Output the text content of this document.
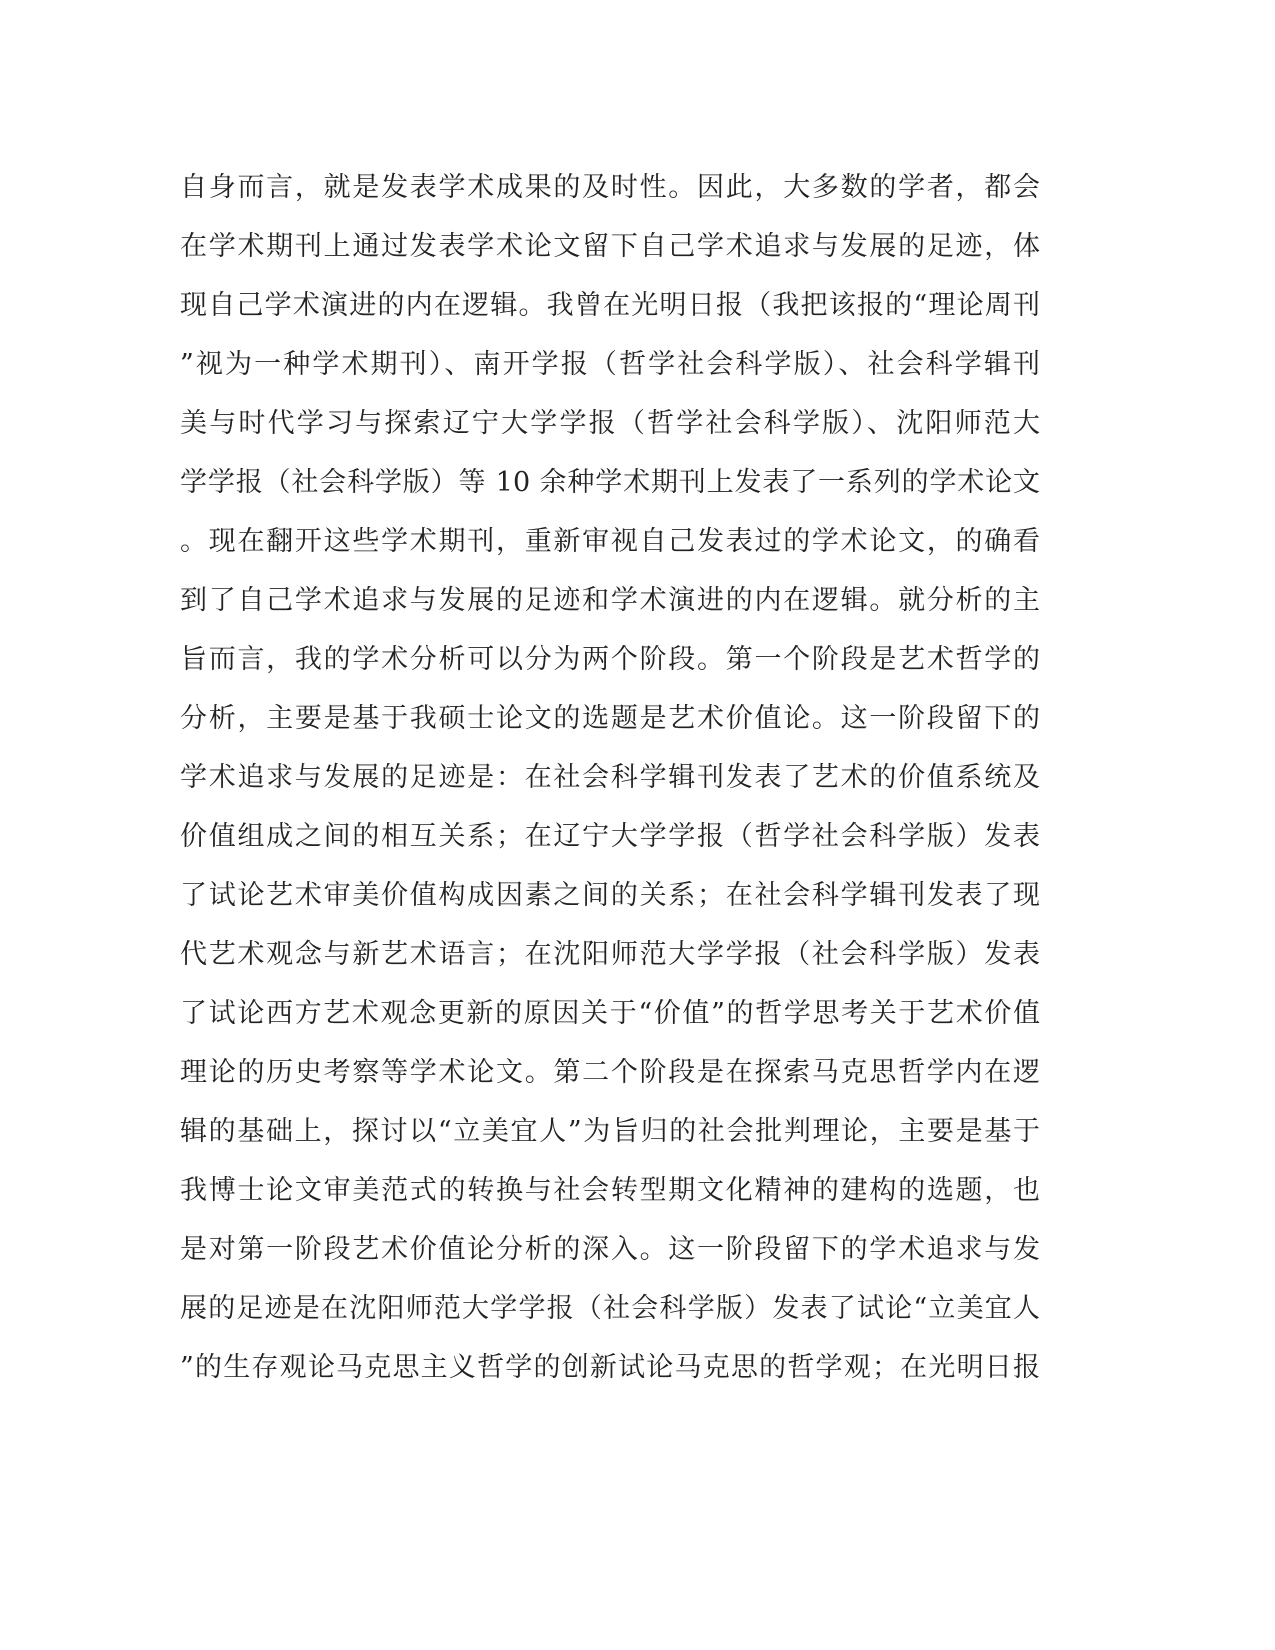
自身而言，就是发表学术成果的及时性。因此，大多数的学者，都会
在学术期刊上通过发表学术论文留下自己学术追求与发展的足迹，体
现自己学术演进的内在逻辑。我曾在光明日报（我把该报的“理论周刊
”视为一种学术期刊）、南开学报（哲学社会科学版）、社会科学辑刊
美与时代学习与探索辽宁大学学报（哲学社会科学版）、沈阳师范大
学学报（社会科学版）等 10 余种学术期刊上发表了一系列的学术论文
。现在翻开这些学术期刊，重新审视自己发表过的学术论文，的确看
到了自己学术追求与发展的足迹和学术演进的内在逻辑。就分析的主
旨而言，我的学术分析可以分为两个阶段。第一个阶段是艺术哲学的
分析，主要是基于我硕士论文的选题是艺术价值论。这一阶段留下的
学术追求与发展的足迹是：在社会科学辑刊发表了艺术的价值系统及
价值组成之间的相互关系；在辽宁大学学报（哲学社会科学版）发表
了试论艺术审美价值构成因素之间的关系；在社会科学辑刊发表了现
代艺术观念与新艺术语言；在沈阳师范大学学报（社会科学版）发表
了试论西方艺术观念更新的原因关于“价值”的哲学思考关于艺术价值
理论的历史考察等学术论文。第二个阶段是在探索马克思哲学内在逻
辑的基础上，探讨以“立美宜人”为旨归的社会批判理论，主要是基于
我博士论文审美范式的转换与社会转型期文化精神的建构的选题，也
是对第一阶段艺术价值论分析的深入。这一阶段留下的学术追求与发
展的足迹是在沈阳师范大学学报（社会科学版）发表了试论“立美宜人
”的生存观论马克思主义哲学的创新试论马克思的哲学观；在光明日报
